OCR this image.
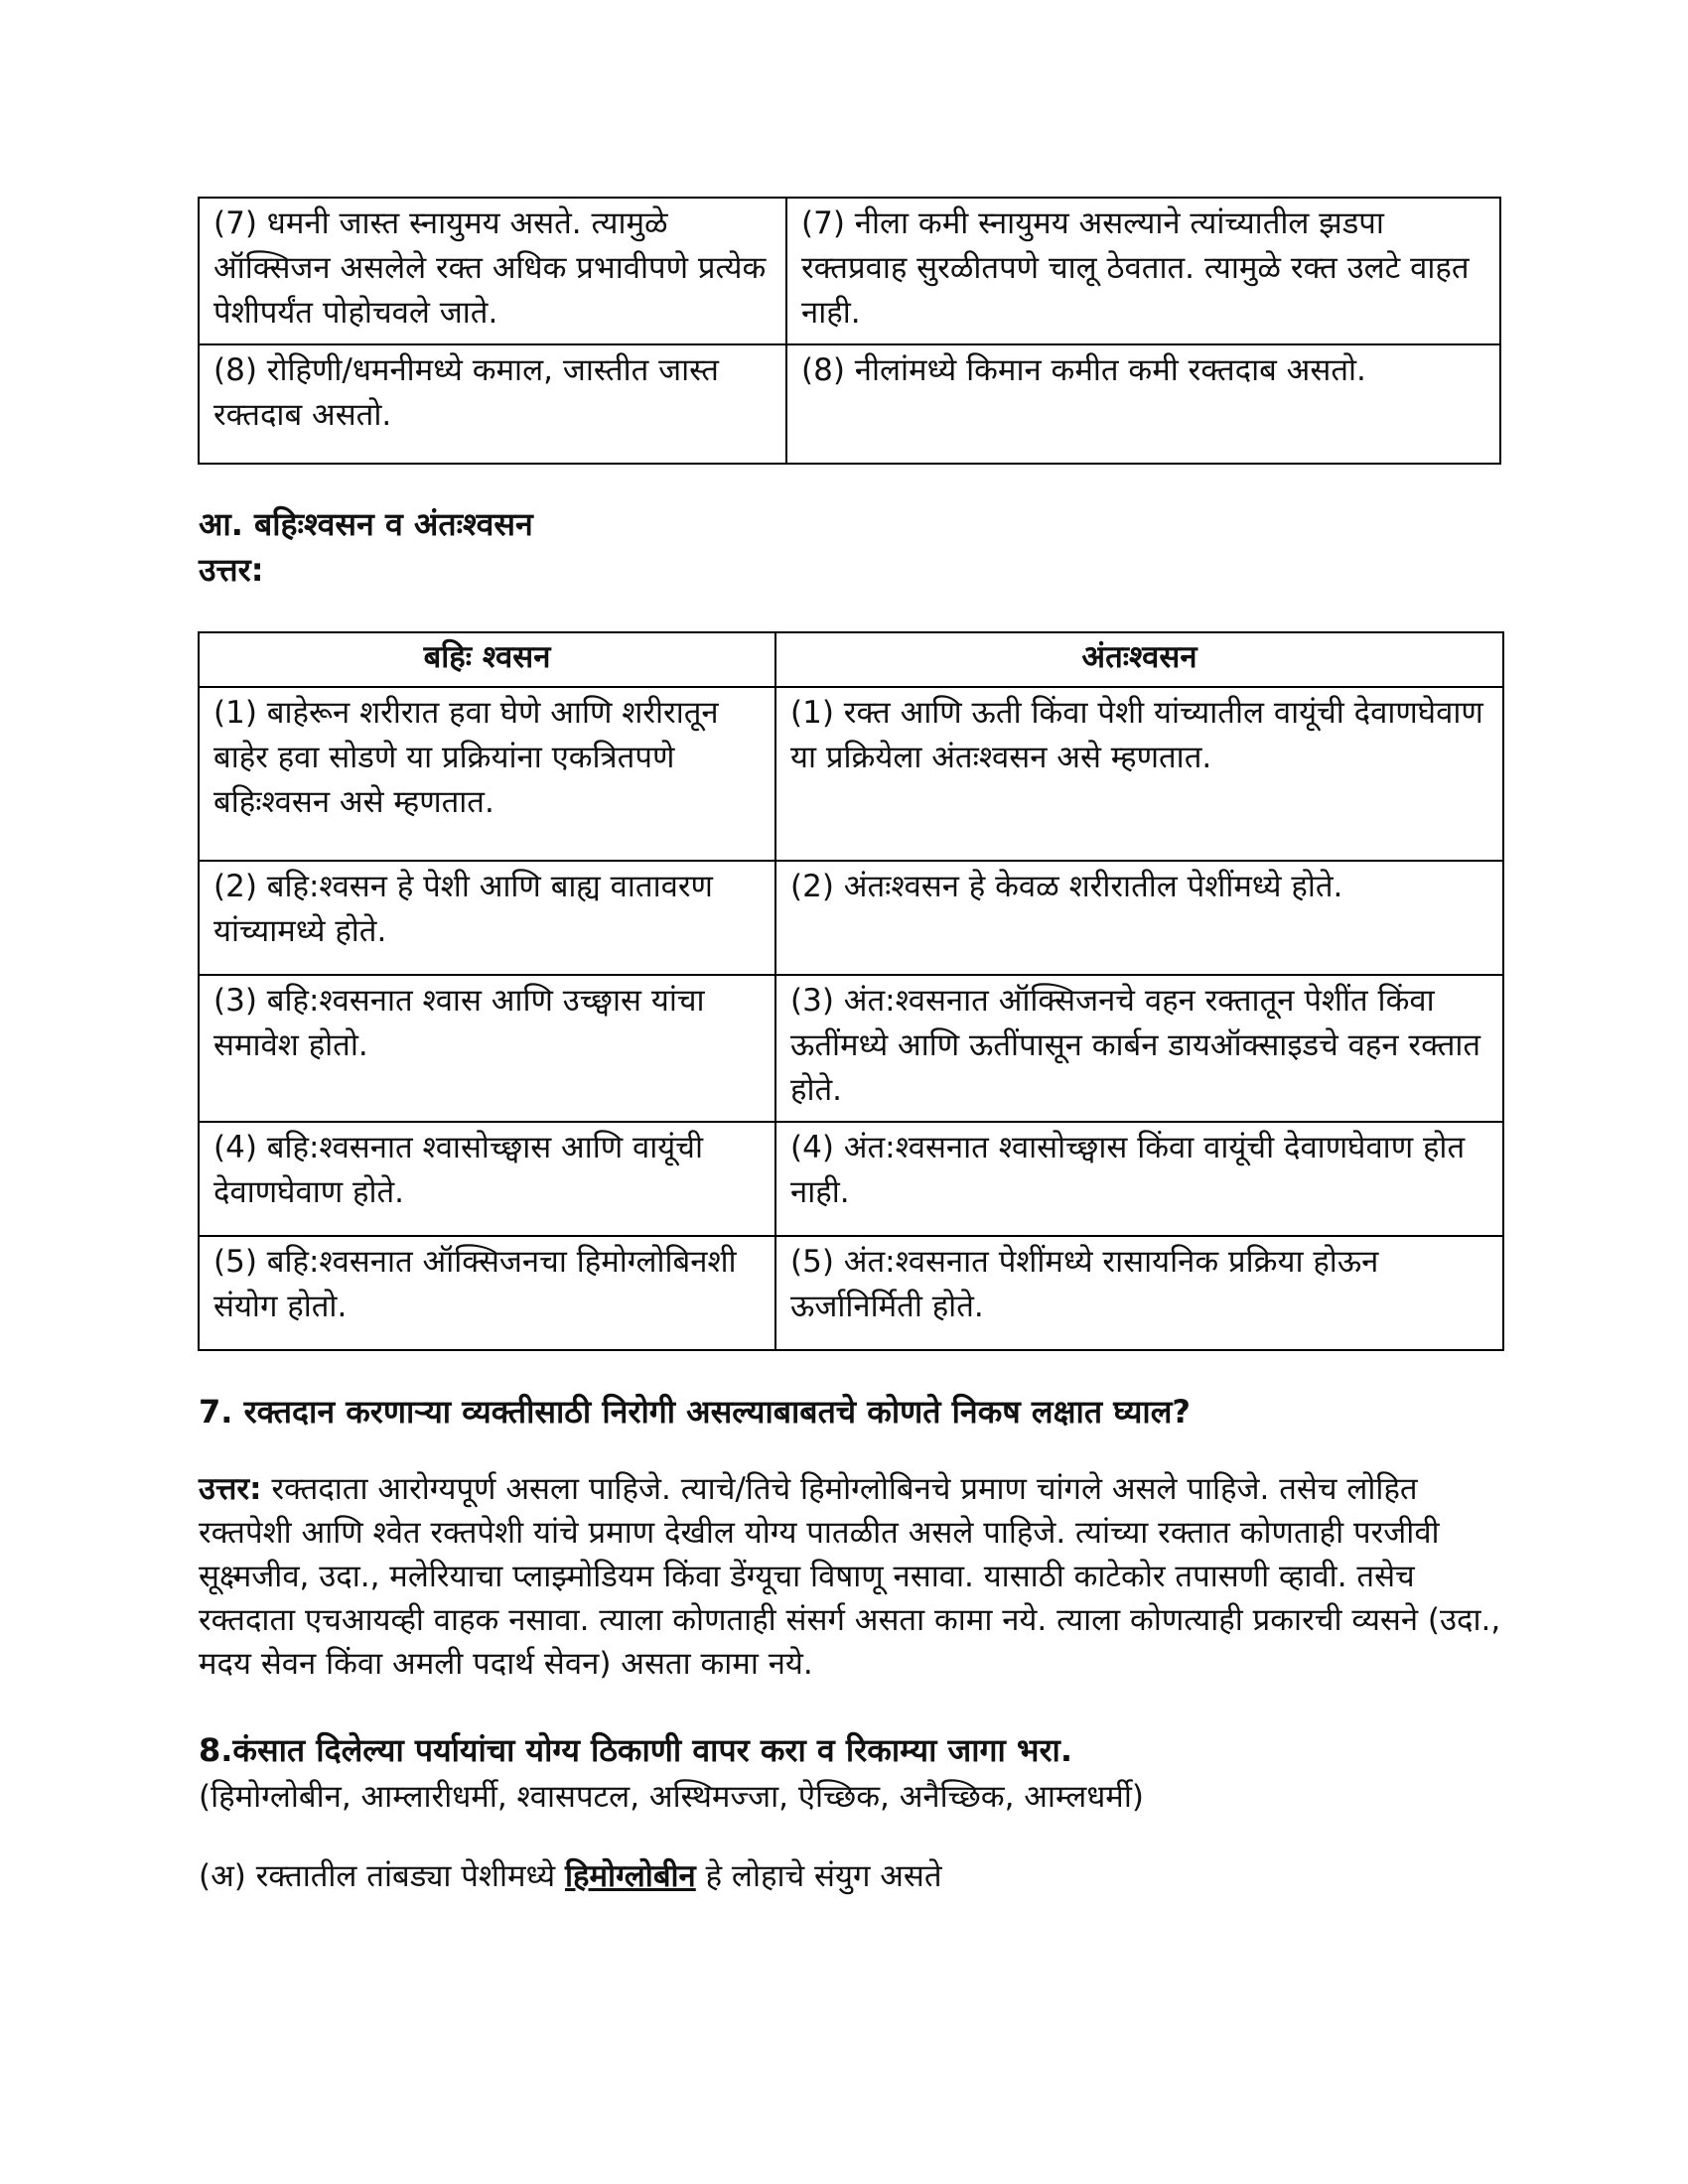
(7) धमनी जास्त स्नायुमय असते. त्यामुळे ऑक्सिजन असलेले रक्त अधिक प्रभावीपणे प्रत्येक पेशीपर्यंत पोहोचवले जाते.	(7) नीला कमी स्नायुमय असल्याने त्यांच्यातील झडपा रक्तप्रवाह सुरळीतपणे चालू ठेवतात. त्यामुळे रक्त उलटे वाहत नाही.
(8) रोहिणी/धमनीमध्ये कमाल, जास्तीत जास्त रक्तदाब असतो.	(8) नीलांमध्ये किमान कमीत कमी रक्तदाब असतो.
आ. बहिःश्वसन व अंतःश्वसन
उत्तर:
बहिः श्वसन	अंतःश्वसन
(1) बाहेरून शरीरात हवा घेणे आणि शरीरातून बाहेर हवा सोडणे या प्रक्रियांना एकत्रितपणे बहिःश्वसन असे म्हणतात.	(1) रक्त आणि ऊती किंवा पेशी यांच्यातील वायूंची देवाणघेवाण या प्रक्रियेला अंतःश्वसन असे म्हणतात.
(2) बहि:श्वसन हे पेशी आणि बाह्य वातावरण यांच्यामध्ये होते.	(2) अंतःश्वसन हे केवळ शरीरातील पेशींमध्ये होते.
(3) बहि:श्वसनात श्वास आणि उच्छ्वास यांचा समावेश होतो.	(3) अंत:श्वसनात ऑक्सिजनचे वहन रक्तातून पेशींत किंवा ऊतींमध्ये आणि ऊतींपासून कार्बन डायऑक्साइडचे वहन रक्तात होते.
(4) बहि:श्वसनात श्वासोच्छ्वास आणि वायूंची देवाणघेवाण होते.	(4) अंत:श्वसनात श्वासोच्छ्वास किंवा वायूंची देवाणघेवाण होत नाही.
(5) बहि:श्वसनात ऑक्सिजनचा हिमोग्लोबिनशी संयोग होतो.	(5) अंत:श्वसनात पेशींमध्ये रासायनिक प्रक्रिया होऊन ऊर्जानिर्मिती होते.
7. रक्तदान करणाऱ्या व्यक्तीसाठी निरोगी असल्याबाबतचे कोणते निकष लक्षात घ्याल?
उत्तर: रक्तदाता आरोग्यपूर्ण असला पाहिजे. त्याचे/तिचे हिमोग्लोबिनचे प्रमाण चांगले असले पाहिजे. तसेच लोहित रक्तपेशी आणि श्वेत रक्तपेशी यांचे प्रमाण देखील योग्य पातळीत असले पाहिजे. त्यांच्या रक्तात कोणताही परजीवी सूक्ष्मजीव, उदा., मलेरियाचा प्लाझ्मोडियम किंवा डेंग्यूचा विषाणू नसावा. यासाठी काटेकोर तपासणी व्हावी. तसेच रक्तदाता एचआयव्ही वाहक नसावा. त्याला कोणताही संसर्ग असता कामा नये. त्याला कोणत्याही प्रकारची व्यसने (उदा., मदय सेवन किंवा अमली पदार्थ सेवन) असता कामा नये.
8.कंसात दिलेल्या पर्यायांचा योग्य ठिकाणी वापर करा व रिकाम्या जागा भरा.
(हिमोग्लोबीन, आम्लारीधर्मी, श्वासपटल, अस्थिमज्जा, ऐच्छिक, अनैच्छिक, आम्लधर्मी)
(अ) रक्तातील तांबड्या पेशीमध्ये हिमोग्लोबीन हे लोहाचे संयुग असते
